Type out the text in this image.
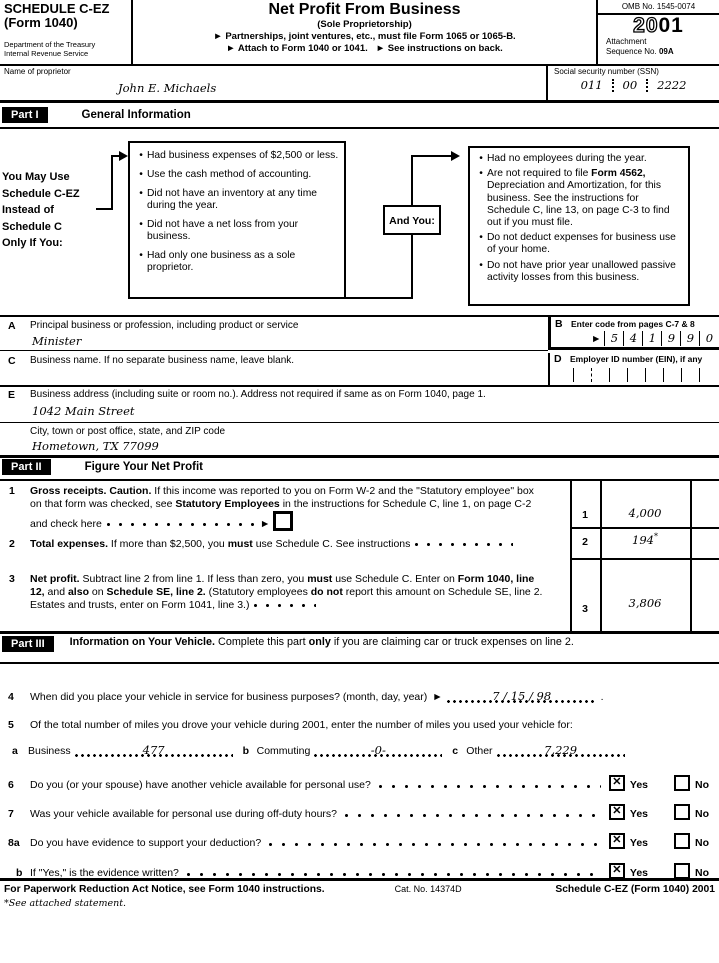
SCHEDULE C-EZ
(Form 1040)
Department of the Treasury
Internal Revenue Service
Net Profit From Business
(Sole Proprietorship)
► Partnerships, joint ventures, etc., must file Form 1065 or 1065-B.
► Attach to Form 1040 or 1041. ► See instructions on back.
OMB No. 1545-0074
2001
Attachment
Sequence No. 09A
Name of proprietor
John E. Michaels
Social security number (SSN)
011 00 2222
Part I	General Information
You May Use
Schedule C-EZ
Instead of
Schedule C
Only If You:
•
Had business expenses of $2,500 or less.
•
Use the cash method of accounting.
•
Did not have an inventory at any time during the year.
•
Did not have a net loss from your business.
•
Had only one business as a sole proprietor.
And You:
•
Had no employees during the year.
•
Are not required to file Form 4562, Depreciation and Amortization, for this business. See the instructions for Schedule C, line 13, on page C-3 to find out if you must file.
•
Do not deduct expenses for business use of your home.
•
Do not have prior year unallowed passive activity losses from this business.
A Principal business or profession, including product or service
Minister
C Business name. If no separate business name, leave blank.
B Enter code from pages C-7 & 8
► 5	4	1	9	9	0
D Employer ID number (EIN), if any
E Business address (including suite or room no.). Address not required if same as on Form 1040, page 1.
1042 Main Street
City, town or post office, state, and ZIP code
Hometown, TX 77099
Part II	Figure Your Net Profit
1 Gross receipts. Caution. If this income was reported to you on Form W-2 and the "Statutory employee" box on that form was checked, see Statutory Employees in the instructions for Schedule C, line 1, on page C-2 and check here	►
1	4,000
2 Total expenses. If more than $2,500, you must use Schedule C. See instructions	2	194*
3 Net profit. Subtract line 2 from line 1. If less than zero, you must use Schedule C. Enter on Form 1040, line 12, and also on Schedule SE, line 2. (Statutory employees do not report this amount on Schedule SE, line 2. Estates and trusts, enter on Form 1041, line 3.)	3	3,806
Part III	Information on Your Vehicle. Complete this part only if you are claiming car or truck expenses on line 2.
4	When did you place your vehicle in service for business purposes? (month, day, year) ►	7 / 15 / 98	.
5	Of the total number of miles you drove your vehicle during 2001, enter the number of miles you used your vehicle for:
a Business	477	b Commuting	-0-	c Other	7,229
6	Do you (or your spouse) have another vehicle available for personal use?	✕ Yes	No
7	Was your vehicle available for personal use during off-duty hours?	✕ Yes	No
8a Do you have evidence to support your deduction?	✕ Yes	No
b If "Yes," is the evidence written?	✕ Yes	No
For Paperwork Reduction Act Notice, see Form 1040 instructions.	Cat. No. 14374D	Schedule C-EZ (Form 1040) 2001
*See attached statement.
